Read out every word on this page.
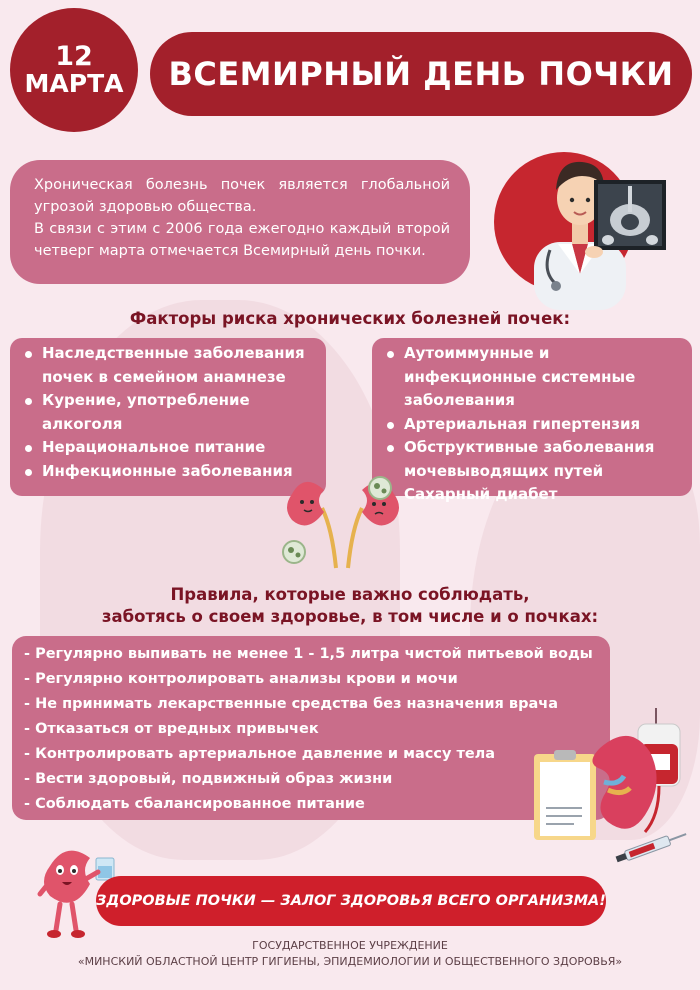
12
МАРТА	ВСЕМИРНЫЙ ДЕНЬ ПОЧКИ

Хроническая болезнь почек является глобальной угрозой здоровью общества.

В связи с этим с 2006 года ежегодно каждый второй четверг марта отмечается Всемирный день почки.

Факторы риска хронических болезней почек:
Наследственные заболевания почек в семейном анамнезе
Курение, употребление алкоголя
Нерациональное питание
Инфекционные заболевания
Аутоиммунные и инфекционные системные заболевания
Артериальная гипертензия
Обструктивные заболевания мочевыводящих путей
Сахарный диабет
Правила, которые важно соблюдать,
заботясь о своем здоровье, в том числе и о почках:
- Регулярно выпивать не менее 1 - 1,5 литра чистой питьевой воды
- Регулярно контролировать анализы крови и мочи
- Не принимать лекарственные средства без назначения врача
- Отказаться от вредных привычек
- Контролировать артериальное давление и массу тела
- Вести здоровый, подвижный образ жизни
- Соблюдать сбалансированное питание
ЗДОРОВЫЕ ПОЧКИ — ЗАЛОГ ЗДОРОВЬЯ ВСЕГО ОРГАНИЗМА!
ГОСУДАРСТВЕННОЕ УЧРЕЖДЕНИЕ
«МИНСКИЙ ОБЛАСТНОЙ ЦЕНТР ГИГИЕНЫ, ЭПИДЕМИОЛОГИИ И ОБЩЕСТВЕННОГО ЗДОРОВЬЯ»
